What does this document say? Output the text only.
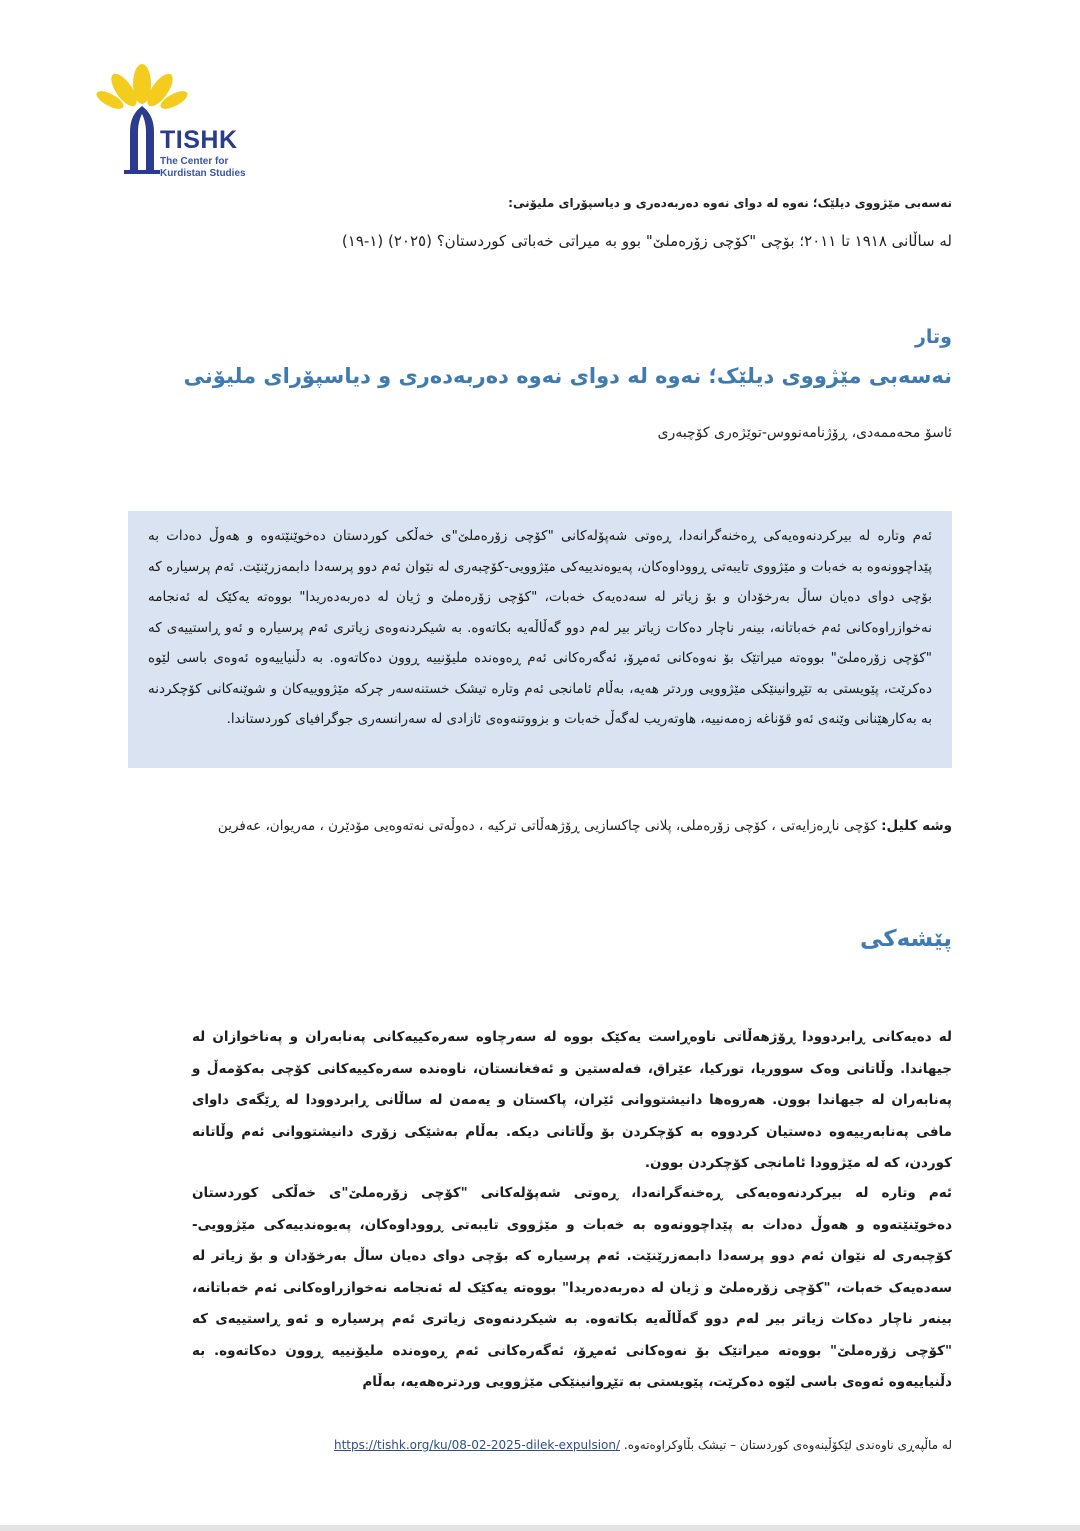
TISHK
The Center for
Kurdistan Studies
نەسەبی مێژووی دیلێک؛ نەوە لە دوای نەوە دەربەدەری و دیاسپۆرای ملیۆنی:
لە ساڵانی ١٩١٨ تا ٢٠١١؛ بۆچی "کۆچی زۆرەملێ" بوو بە میراتی خەباتی کوردستان؟ (٢٠٢٥) (١-١٩)
وتار
نەسەبی مێژووی دیلێک؛ نەوە لە دوای نەوە دەربەدەری و دیاسپۆرای ملیۆنی
ئاسۆ محەممەدی، ڕۆژنامەنووس-توێژەری کۆچبەری
ئەم وتارە لە بیرکردنەوەیەکی ڕەخنەگرانەدا، ڕەوتی شەپۆلەکانی "کۆچی زۆرەملێ"ی خەڵکی کوردستان دەخوێنێتەوە و هەوڵ دەدات بە پێداچوونەوە بە خەبات و مێژووی تایبەتی ڕووداوەکان، پەیوەندییەکی مێژوویی-کۆچبەری لە نێوان ئەم دوو پرسەدا دابمەزرێنێت. ئەم پرسیارە کە بۆچی دوای دەیان ساڵ بەرخۆدان و بۆ زیاتر لە سەدەیەک خەبات، "کۆچی زۆرەملێ و ژیان لە دەربەدەریدا" بووەتە یەکێک لە ئەنجامە نەخوازراوەکانی ئەم خەباتانە، بینەر ناچار دەکات زیاتر بیر لەم دوو گەڵاڵەیە بکاتەوە. بە شیکردنەوەی زیاتری ئەم پرسیارە و ئەو ڕاستییەی کە "کۆچی زۆرەملێ" بووەتە میراتێک بۆ نەوەکانی ئەمڕۆ، ئەگەرەکانی ئەم ڕەوەندە ملیۆنییە ڕوون دەکاتەوە. بە دڵنیاییەوە ئەوەی باسی لێوە دەکرێت، پێویستی بە تێڕوانینێکی مێژوویی وردتر هەیە، بەڵام ئامانجی ئەم وتارە تیشک خستنەسەر چرکە مێژووییەکان و شوێنەکانی کۆچکردنە بە بەکارهێنانی وێنەی ئەو قۆناغە زەمەنییە، هاوتەریب لەگەڵ خەبات و بزووتنەوەی ئازادی لە سەرانسەری جوگرافیای کوردستاندا.
وشە کلیل: کۆچی ناڕەزایەتی ، کۆچی زۆرەملی، پلانی چاکسازیی ڕۆژهەڵاتی ترکیە ، دەوڵەتی نەتەوەیی مۆدێرن ، مەریوان، عەفرین
پێشەکی
لە دەیەکانی ڕابردوودا ڕۆژهەڵاتی ناوەڕاست یەکێک بووە لە سەرچاوە سەرەکییەکانی پەنابەران و پەناخوازان لە جیهاندا. وڵاتانی وەک سووریا، تورکیا، عێراق، فەلەستین و ئەفغانستان، ناوەندە سەرەکییەکانی کۆچی بەکۆمەڵ و پەنابەران لە جیهاندا بوون. هەروەها دانیشتووانی ئێران، پاکستان و یەمەن لە ساڵانی ڕابردوودا لە ڕێگەی داوای مافی پەنابەرییەوە دەستیان کردووە بە کۆچکردن بۆ وڵاتانی دیکە. بەڵام بەشێکی زۆری دانیشتووانی ئەم وڵاتانە کوردن، کە لە مێژوودا ئامانجی کۆچکردن بوون.
ئەم وتارە لە بیرکردنەوەیەکی ڕەخنەگرانەدا، ڕەوتی شەپۆلەکانی "کۆچی زۆرەملێ"ی خەڵکی کوردستان دەخوێنێتەوە و هەوڵ دەدات بە پێداچوونەوە بە خەبات و مێژووی تایبەتی ڕووداوەکان، پەیوەندییەکی مێژوویی-کۆچبەری لە نێوان ئەم دوو پرسەدا دابمەزرێنێت. ئەم پرسیارە کە بۆچی دوای دەیان ساڵ بەرخۆدان و بۆ زیاتر لە سەدەیەک خەبات، "کۆچی زۆرەملێ و ژیان لە دەربەدەریدا" بووەتە یەکێک لە ئەنجامە نەخوازراوەکانی ئەم خەباتانە، بینەر ناچار دەکات زیاتر بیر لەم دوو گەڵاڵەیە بکاتەوە. بە شیکردنەوەی زیاتری ئەم پرسیارە و ئەو ڕاستییەی کە "کۆچی زۆرەملێ" بووەتە میراتێک بۆ نەوەکانی ئەمڕۆ، ئەگەرەکانی ئەم ڕەوەندە ملیۆنییە ڕوون دەکاتەوە. بە دڵنیاییەوە ئەوەی باسی لێوە دەکرێت، پێویستی بە تێڕوانینێکی مێژوویی وردترەهەیە، بەڵام
لە ماڵپەڕی ناوەندی لێکۆڵینەوەی کوردستان – تیشک بڵاوکراوەتەوە. https://tishk.org/ku/08-02-2025-dilek-expulsion/
